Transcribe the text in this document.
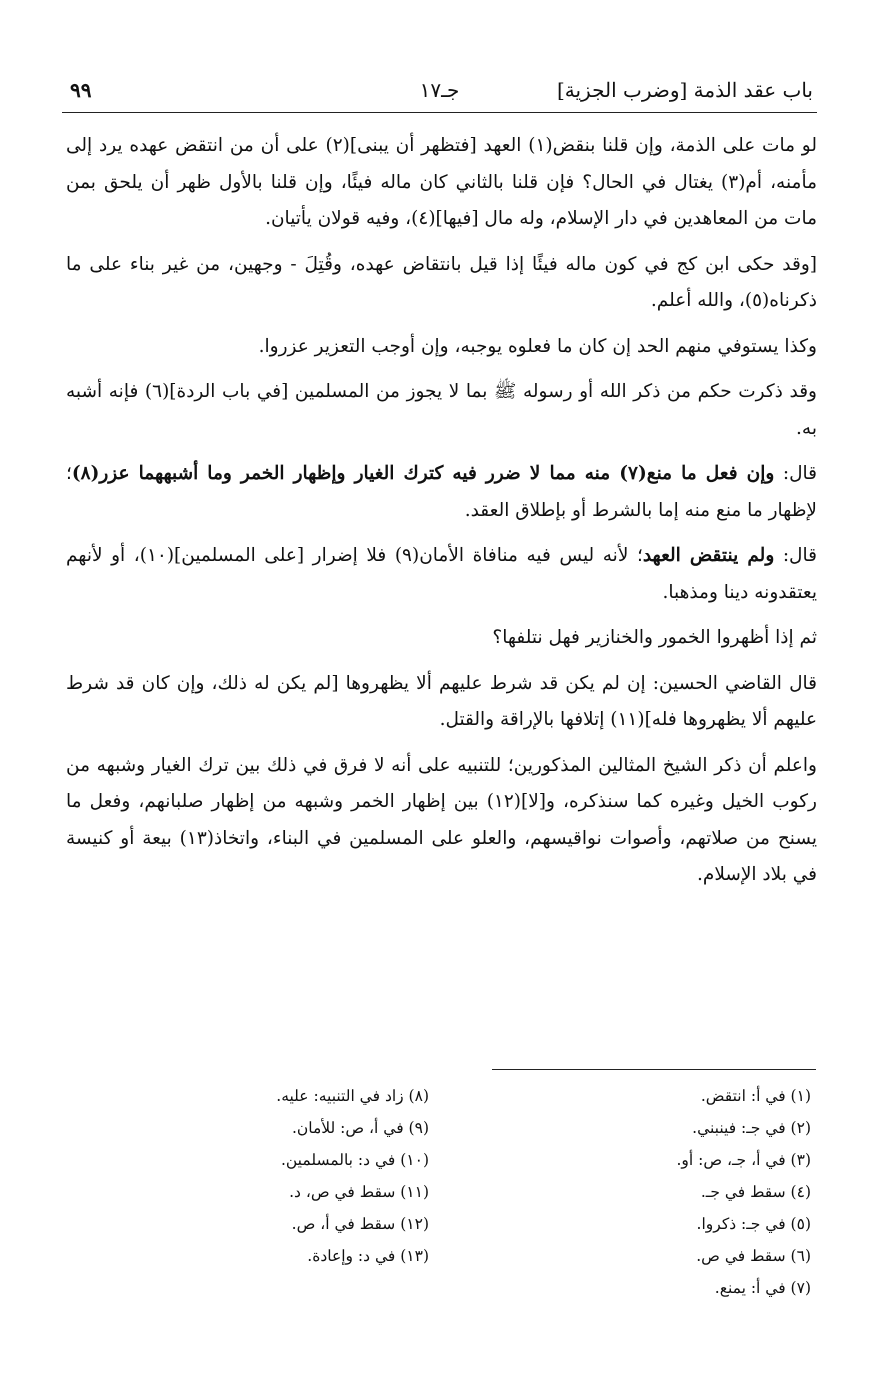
باب عقد الذمة [وضرب الجزية]
جـ١٧
٩٩

لو مات على الذمة، وإن قلنا بنقض(١) العهد [فتظهر أن يبنى](٢) على أن من انتقض عهده يرد إلى مأمنه، أم(٣) يغتال في الحال؟ فإن قلنا بالثاني كان ماله فيئًا، وإن قلنا بالأول ظهر أن يلحق بمن مات من المعاهدين في دار الإسلام، وله مال [فيها](٤)، وفيه قولان يأتيان.

[وقد حكى ابن كج في كون ماله فيئًا إذا قيل بانتقاض عهده، وقُتِلَ - وجهين، من غير بناء على ما ذكرناه(٥)، والله أعلم.

وكذا يستوفي منهم الحد إن كان ما فعلوه يوجبه، وإن أوجب التعزير عزروا.

وقد ذكرت حكم من ذكر الله أو رسوله ﷺ بما لا يجوز من المسلمين [في باب الردة](٦) فإنه أشبه به.

قال: وإن فعل ما منع(٧) منه مما لا ضرر فيه كترك الغيار وإظهار الخمر وما أشبههما عزر(٨)؛ لإظهار ما منع منه إما بالشرط أو بإطلاق العقد.

قال: ولم ينتقض العهد؛ لأنه ليس فيه منافاة الأمان(٩) فلا إضرار [على المسلمين](١٠)، أو لأنهم يعتقدونه دينا ومذهبا.

ثم إذا أظهروا الخمور والخنازير فهل نتلفها؟

قال القاضي الحسين: إن لم يكن قد شرط عليهم ألا يظهروها [لم يكن له ذلك، وإن كان قد شرط عليهم ألا يظهروها فله](١١) إتلافها بالإراقة والقتل.

واعلم أن ذكر الشيخ المثالين المذكورين؛ للتنبيه على أنه لا فرق في ذلك بين ترك الغيار وشبهه من ركوب الخيل وغيره كما سنذكره، و[لا](١٢) بين إظهار الخمر وشبهه من إظهار صلبانهم، وفعل ما يسنح من صلاتهم، وأصوات نواقيسهم، والعلو على المسلمين في البناء، واتخاذ(١٣) بيعة أو كنيسة في بلاد الإسلام.

(١) في أ: انتقض.
(٢) في جـ: فينبني.
(٣) في أ، جـ، ص: أو.
(٤) سقط في جـ.
(٥) في جـ: ذكروا.
(٦) سقط في ص.
(٧) في أ: يمنع.
(٨) زاد في التنبيه: عليه.
(٩) في أ، ص: للأمان.
(١٠) في د: بالمسلمين.
(١١) سقط في ص، د.
(١٢) سقط في أ، ص.
(١٣) في د: وإعادة.
